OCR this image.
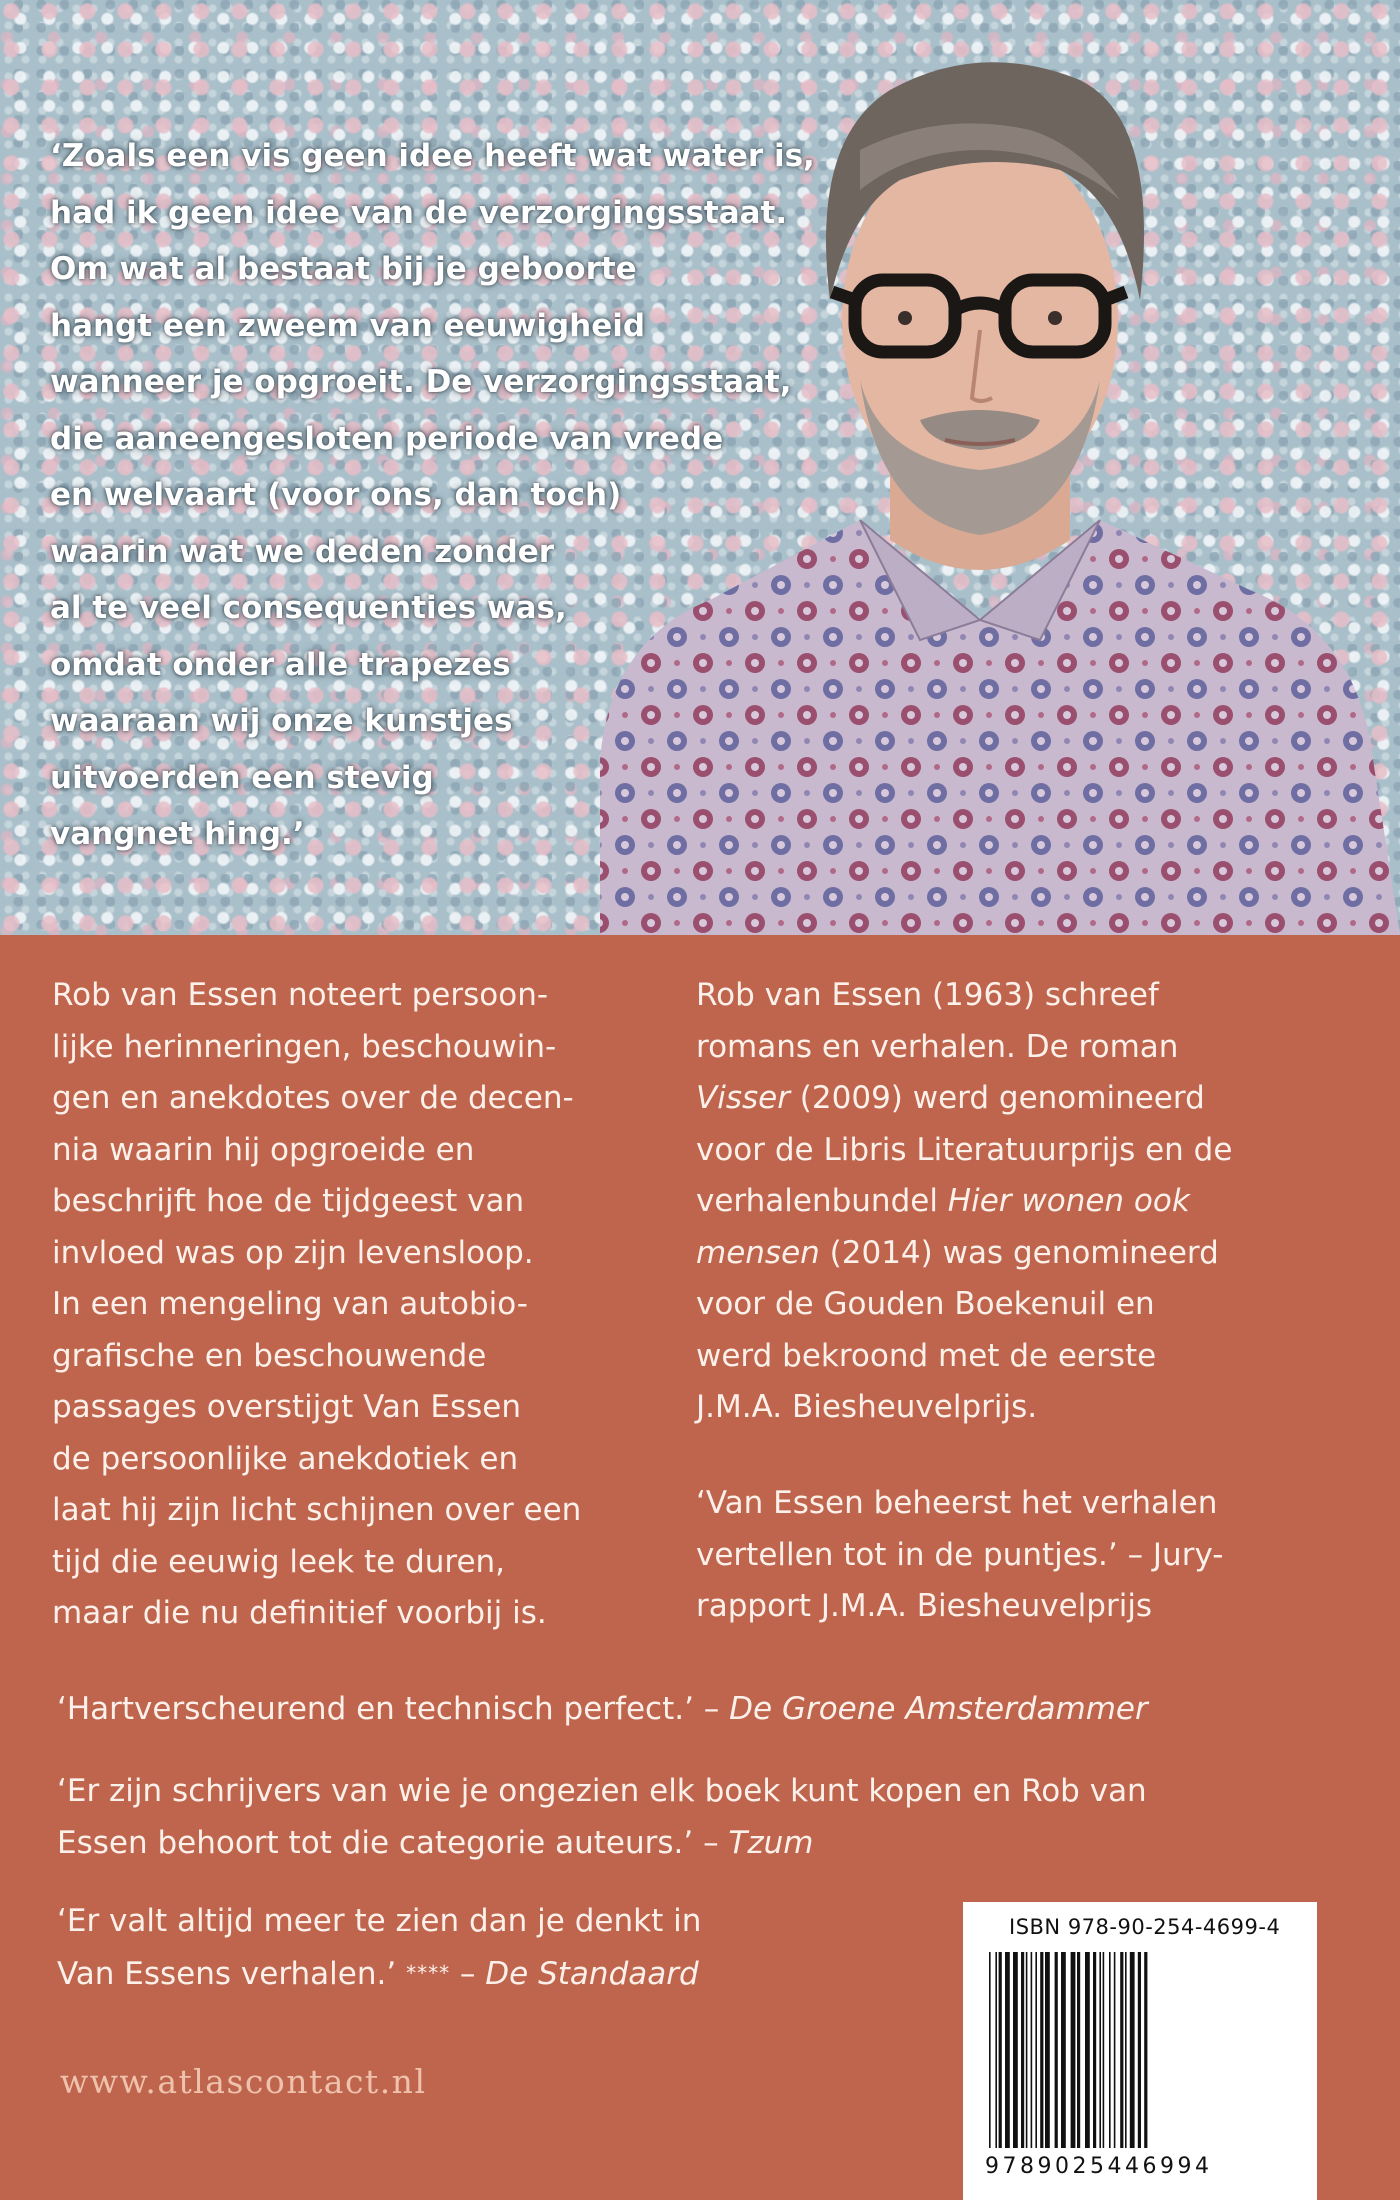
‘Zoals een vis geen idee heeft wat water is,
had ik geen idee van de verzorgingsstaat.
Om wat al bestaat bij je geboorte
hangt een zweem van eeuwigheid
wanneer je opgroeit. De verzorgingsstaat,
die aaneengesloten periode van vrede
en welvaart (voor ons, dan toch)
waarin wat we deden zonder
al te veel consequenties was,
omdat onder alle trapezes
waaraan wij onze kunstjes
uitvoerden een stevig
vangnet hing.’

Rob van Essen noteert persoon-
lijke herinneringen, beschouwin-
gen en anekdotes over de decen-
nia waarin hij opgroeide en
beschrijft hoe de tijdgeest van
invloed was op zijn levensloop.
In een mengeling van autobio-
grafische en beschouwende
passages overstijgt Van Essen
de persoonlijke anekdotiek en
laat hij zijn licht schijnen over een
tijd die eeuwig leek te duren,
maar die nu definitief voorbij is.

Rob van Essen (1963) schreef
romans en verhalen. De roman
Visser (2009) werd genomineerd
voor de Libris Literatuurprijs en de
verhalenbundel Hier wonen ook
mensen (2014) was genomineerd
voor de Gouden Boekenuil en
werd bekroond met de eerste
J.M.A. Biesheuvelprijs.

‘Van Essen beheerst het verhalen
vertellen tot in de puntjes.’ – Jury-
rapport J.M.A. Biesheuvelprijs

‘Hartverscheurend en technisch perfect.’ – De Groene Amsterdammer

‘Er zijn schrijvers van wie je ongezien elk boek kunt kopen en Rob van
Essen behoort tot die categorie auteurs.’ – Tzum

‘Er valt altijd meer te zien dan je denkt in
Van Essens verhalen.’ **** – De Standaard

www.atlascontact.nl

ISBN 978-90-254-4699-4

9789025446994
